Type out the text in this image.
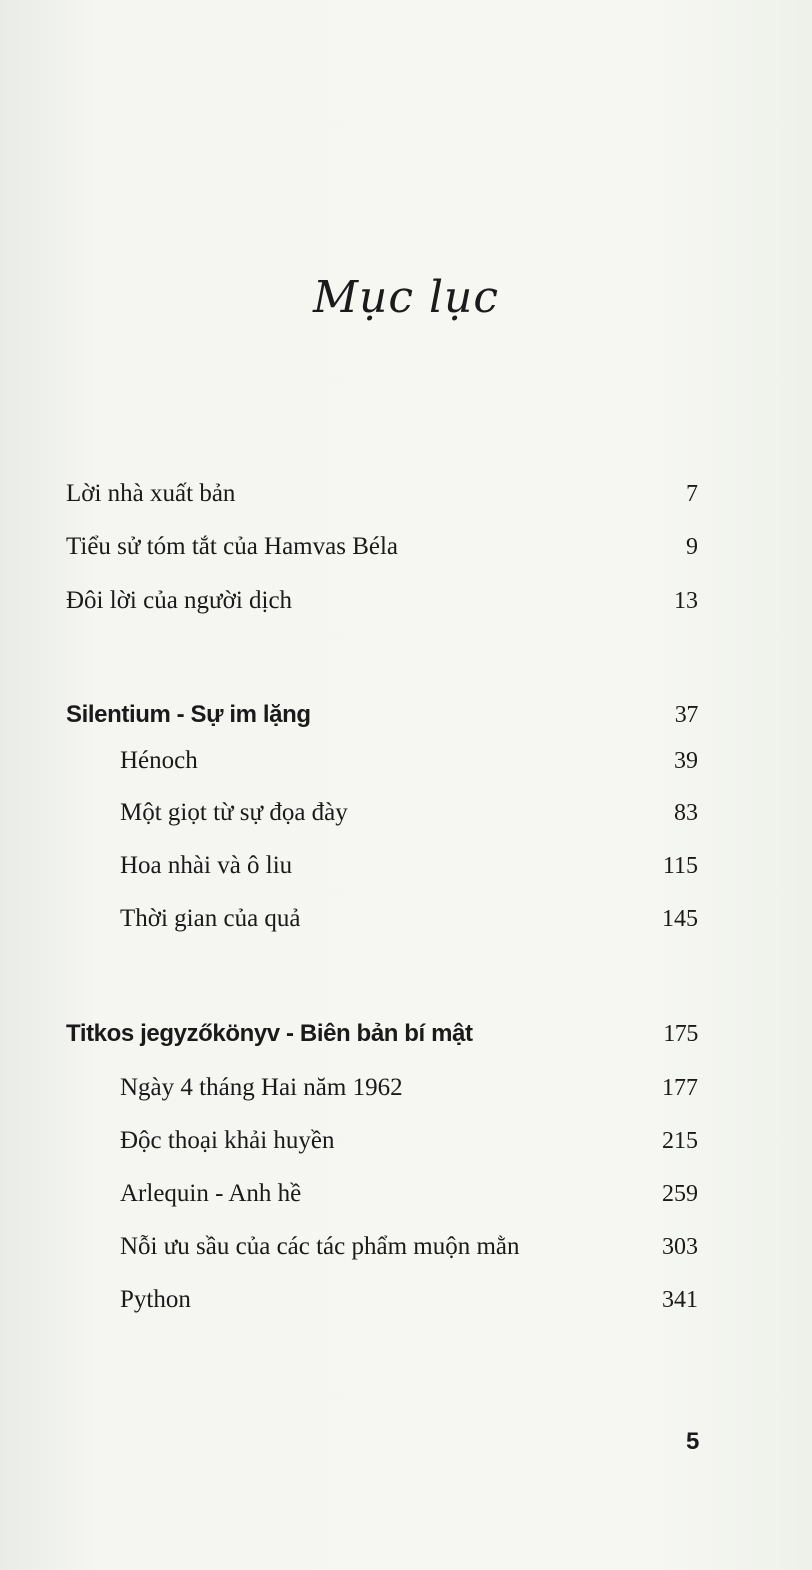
Mục lục
Lời nhà xuất bản	7
Tiểu sử tóm tắt của Hamvas Béla	9
Đôi lời của người dịch	13
Silentium - Sự im lặng	37
Hénoch	39
Một giọt từ sự đọa đày	83
Hoa nhài và ô liu	115
Thời gian của quả	145
Titkos jegyzőkönyv - Biên bản bí mật	175
Ngày 4 tháng Hai năm 1962	177
Độc thoại khải huyền	215
Arlequin - Anh hề	259
Nỗi ưu sầu của các tác phẩm muộn mằn	303
Python	341
5
